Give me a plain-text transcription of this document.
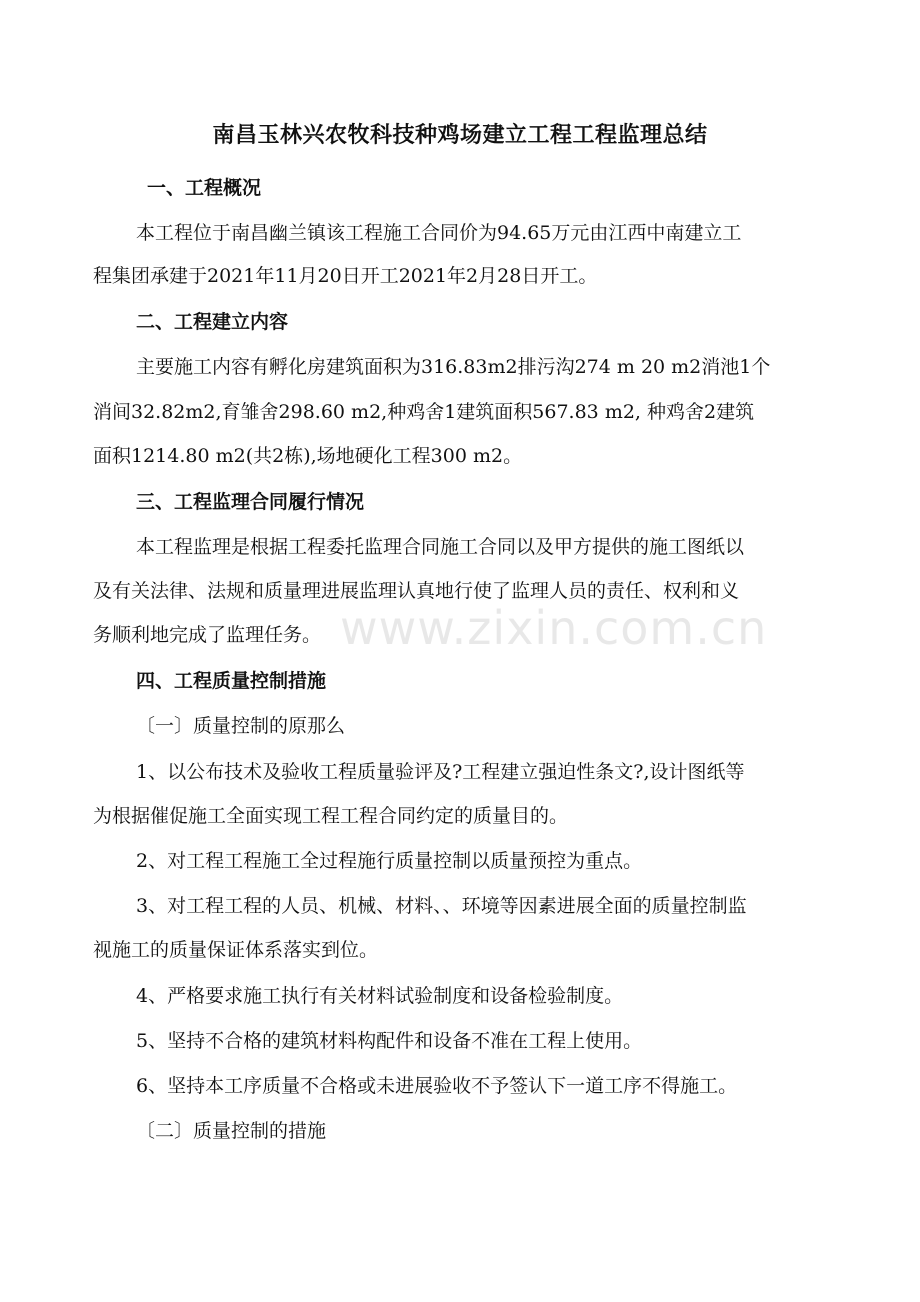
www.zixin.com.cn
南昌玉林兴农牧科技种鸡场建立工程工程监理总结
一、工程概况
本工程位于南昌幽兰镇该工程施工合同价为94.65万元由江西中南建立工
程集团承建于2021年11月20日开工2021年2月28日开工。
二、工程建立内容
主要施工内容有孵化房建筑面积为316.83m2排污沟274 m 20 m2消池1个
消间32.82m2,育雏舍298.60 m2,种鸡舍1建筑面积567.83 m2, 种鸡舍2建筑
面积1214.80 m2(共2栋),场地硬化工程300 m2。
三、工程监理合同履行情况
本工程监理是根据工程委托监理合同施工合同以及甲方提供的施工图纸以
及有关法律、法规和质量理进展监理认真地行使了监理人员的责任、权利和义
务顺利地完成了监理任务。
四、工程质量控制措施
〔一〕质量控制的原那么
1、以公布技术及验收工程质量验评及?工程建立强迫性条文?,设计图纸等
为根据催促施工全面实现工程工程合同约定的质量目的。
2、对工程工程施工全过程施行质量控制以质量预控为重点。
3、对工程工程的人员、机械、材料、、环境等因素进展全面的质量控制监
视施工的质量保证体系落实到位。
4、严格要求施工执行有关材料试验制度和设备检验制度。
5、坚持不合格的建筑材料构配件和设备不准在工程上使用。
6、坚持本工序质量不合格或未进展验收不予签认下一道工序不得施工。
〔二〕质量控制的措施
